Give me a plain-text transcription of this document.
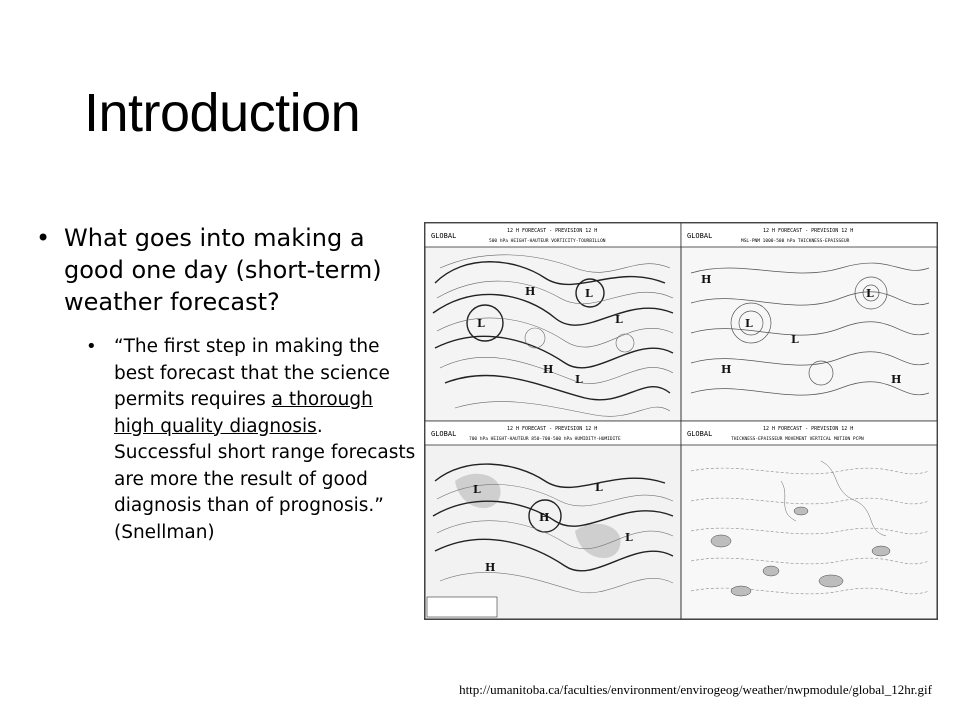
Introduction
• What goes into making a good one day (short-term) weather forecast?
• “The first step in making the best forecast that the science permits requires a thorough high quality diagnosis. Successful short range forecasts are more the result of good diagnosis than of prognosis.” (Snellman)
GLOBAL
12 H FORECAST - PREVISION 12 H
500 hPa HEIGHT-HAUTEUR VORTICITY-TOURBILLON
L
H	L
L
H
L
GLOBAL
12 H FORECAST - PREVISION 12 H
MSL-PNM 1000-500 hPa THICKNESS-EPAISSEUR
H
L
L
L
H
H
GLOBAL
12 H FORECAST - PREVISION 12 H
700 hPa HEIGHT-HAUTEUR 850-700-500 hPa HUMIDITY-HUMIDITE
L
H
L
L
H
GLOBAL
12 H FORECAST - PREVISION 12 H
THICKNESS-EPAISSEUR MOVEMENT VERTICAL MOTION PCPN
http://umanitoba.ca/faculties/environment/envirogeog/weather/nwpmodule/global_12hr.gif
